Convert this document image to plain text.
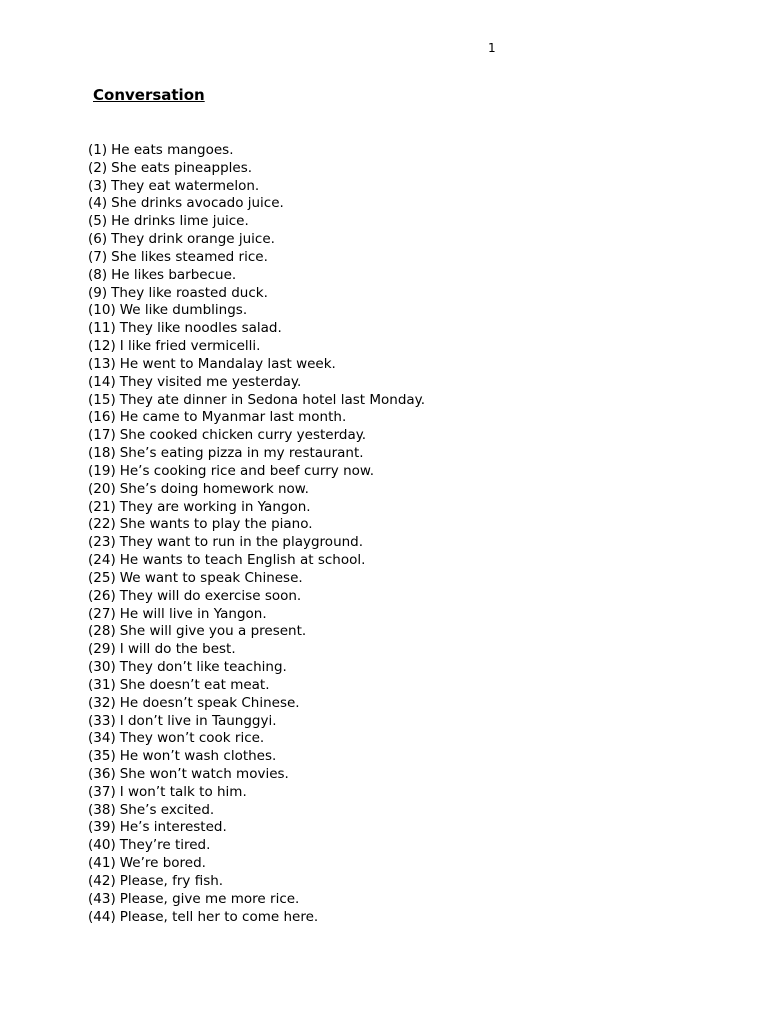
1
Conversation
(1) He eats mangoes.
(2) She eats pineapples.
(3) They eat watermelon.
(4) She drinks avocado juice.
(5) He drinks lime juice.
(6) They drink orange juice.
(7) She likes steamed rice.
(8) He likes barbecue.
(9) They like roasted duck.
(10) We like dumblings.
(11) They like noodles salad.
(12) I like fried vermicelli.
(13) He went to Mandalay last week.
(14) They visited me yesterday.
(15) They ate dinner in Sedona hotel last Monday.
(16) He came to Myanmar last month.
(17) She cooked chicken curry yesterday.
(18) She’s eating pizza in my restaurant.
(19) He’s cooking rice and beef curry now.
(20) She’s doing homework now.
(21) They are working in Yangon.
(22) She wants to play the piano.
(23) They want to run in the playground.
(24) He wants to teach English at school.
(25) We want to speak Chinese.
(26) They will do exercise soon.
(27) He will live in Yangon.
(28) She will give you a present.
(29) I will do the best.
(30) They don’t like teaching.
(31) She doesn’t eat meat.
(32) He doesn’t speak Chinese.
(33) I don’t live in Taunggyi.
(34) They won’t cook rice.
(35) He won’t wash clothes.
(36) She won’t watch movies.
(37) I won’t talk to him.
(38) She’s excited.
(39) He’s interested.
(40) They’re tired.
(41) We’re bored.
(42) Please, fry fish.
(43) Please, give me more rice.
(44) Please, tell her to come here.
